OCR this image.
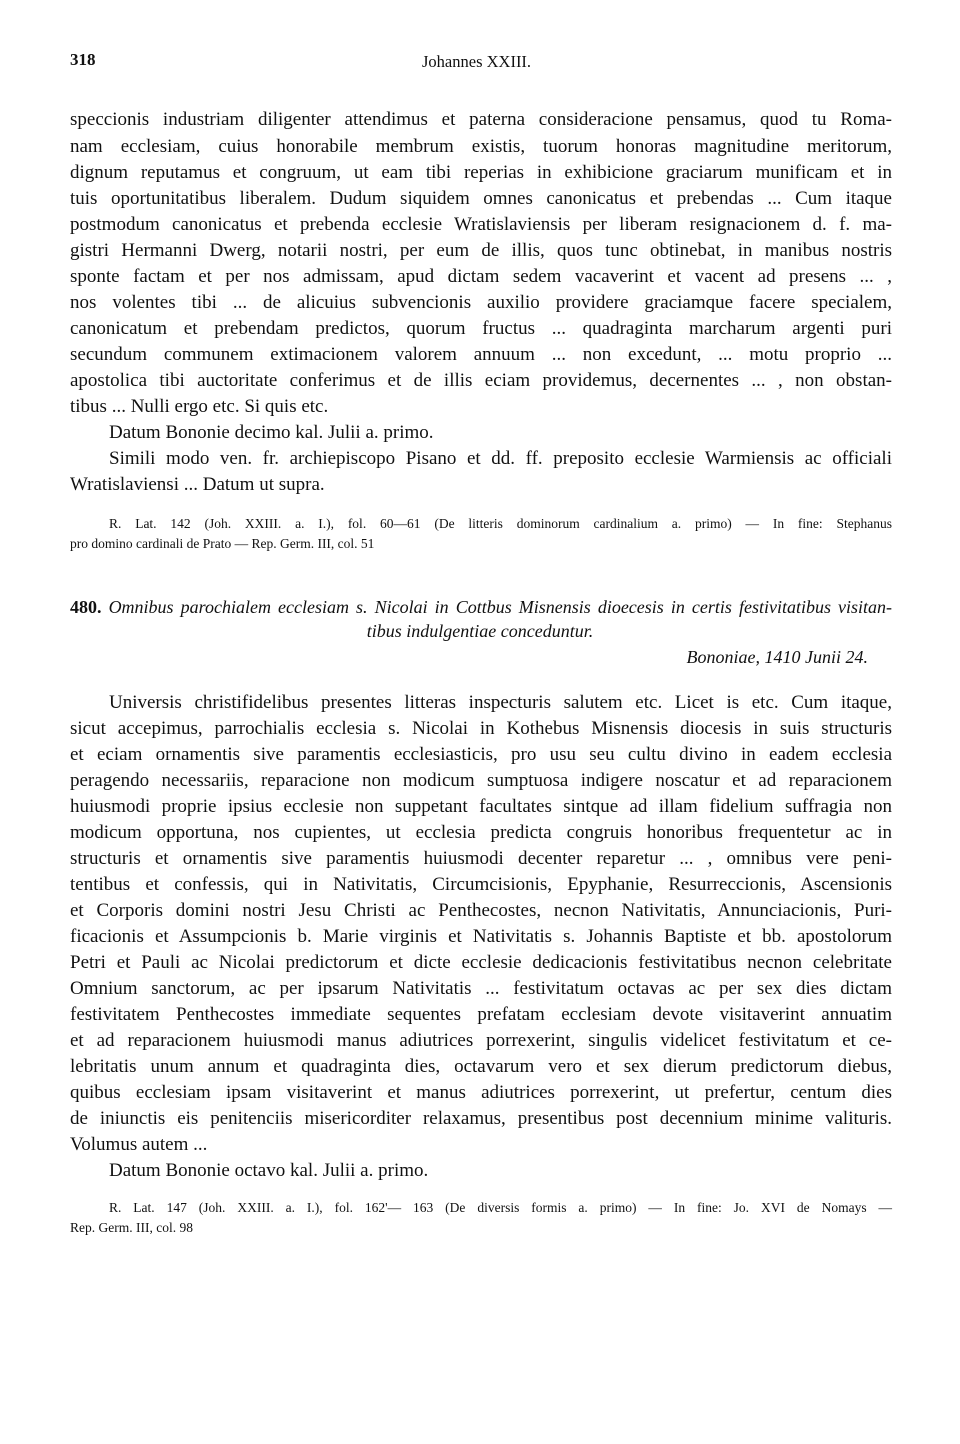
318	Johannes XXIII.
speccionis industriam diligenter attendimus et paterna consideracione pensamus, quod tu Roma-
nam ecclesiam, cuius honorabile membrum existis, tuorum honoras magnitudine meritorum,
dignum reputamus et congruum, ut eam tibi reperias in exhibicione graciarum munificam et in
tuis oportunitatibus liberalem. Dudum siquidem omnes canonicatus et prebendas ... Cum itaque
postmodum canonicatus et prebenda ecclesie Wratislaviensis per liberam resignacionem d. f. ma-
gistri Hermanni Dwerg, notarii nostri, per eum de illis, quos tunc obtinebat, in manibus nostris
sponte factam et per nos admissam, apud dictam sedem vacaverint et vacent ad presens ... ,
nos volentes tibi ... de alicuius subvencionis auxilio providere graciamque facere specialem,
canonicatum et prebendam predictos, quorum fructus ... quadraginta marcharum argenti puri
secundum communem extimacionem valorem annuum ... non excedunt, ... motu proprio ...
apostolica tibi auctoritate conferimus et de illis eciam providemus, decernentes ... , non obstan-
tibus ... Nulli ergo etc. Si quis etc.
Datum Bononie decimo kal. Julii a. primo.
Simili modo ven. fr. archiepiscopo Pisano et dd. ff. preposito ecclesie Warmiensis ac officiali
Wratislaviensi ... Datum ut supra.
R. Lat. 142 (Joh. XXIII. a. I.), fol. 60—61 (De litteris dominorum cardinalium a. primo) — In fine: Stephanus
pro domino cardinali de Prato — Rep. Germ. III, col. 51
480. Omnibus parochialem ecclesiam s. Nicolai in Cottbus Misnensis dioecesis in certis festivitatibus visitan-
tibus indulgentiae conceduntur.
Bononiae, 1410 Junii 24.
Universis christifidelibus presentes litteras inspecturis salutem etc. Licet is etc. Cum itaque,
sicut accepimus, parrochialis ecclesia s. Nicolai in Kothebus Misnensis diocesis in suis structuris
et eciam ornamentis sive paramentis ecclesiasticis, pro usu seu cultu divino in eadem ecclesia
peragendo necessariis, reparacione non modicum sumptuosa indigere noscatur et ad reparacionem
huiusmodi proprie ipsius ecclesie non suppetant facultates sintque ad illam fidelium suffragia non
modicum opportuna, nos cupientes, ut ecclesia predicta congruis honoribus frequentetur ac in
structuris et ornamentis sive paramentis huiusmodi decenter reparetur ... , omnibus vere peni-
tentibus et confessis, qui in Nativitatis, Circumcisionis, Epyphanie, Resurreccionis, Ascensionis
et Corporis domini nostri Jesu Christi ac Penthecostes, necnon Nativitatis, Annunciacionis, Puri-
ficacionis et Assumpcionis b. Marie virginis et Nativitatis s. Johannis Baptiste et bb. apostolorum
Petri et Pauli ac Nicolai predictorum et dicte ecclesie dedicacionis festivitatibus necnon celebritate
Omnium sanctorum, ac per ipsarum Nativitatis ... festivitatum octavas ac per sex dies dictam
festivitatem Penthecostes immediate sequentes prefatam ecclesiam devote visitaverint annuatim
et ad reparacionem huiusmodi manus adiutrices porrexerint, singulis videlicet festivitatum et ce-
lebritatis unum annum et quadraginta dies, octavarum vero et sex dierum predictorum diebus,
quibus ecclesiam ipsam visitaverint et manus adiutrices porrexerint, ut prefertur, centum dies
de iniunctis eis penitenciis misericorditer relaxamus, presentibus post decennium minime valituris.
Volumus autem ...
Datum Bononie octavo kal. Julii a. primo.
R. Lat. 147 (Joh. XXIII. a. I.), fol. 162'— 163 (De diversis formis a. primo) — In fine: Jo. XVI de Nomays —
Rep. Germ. III, col. 98
